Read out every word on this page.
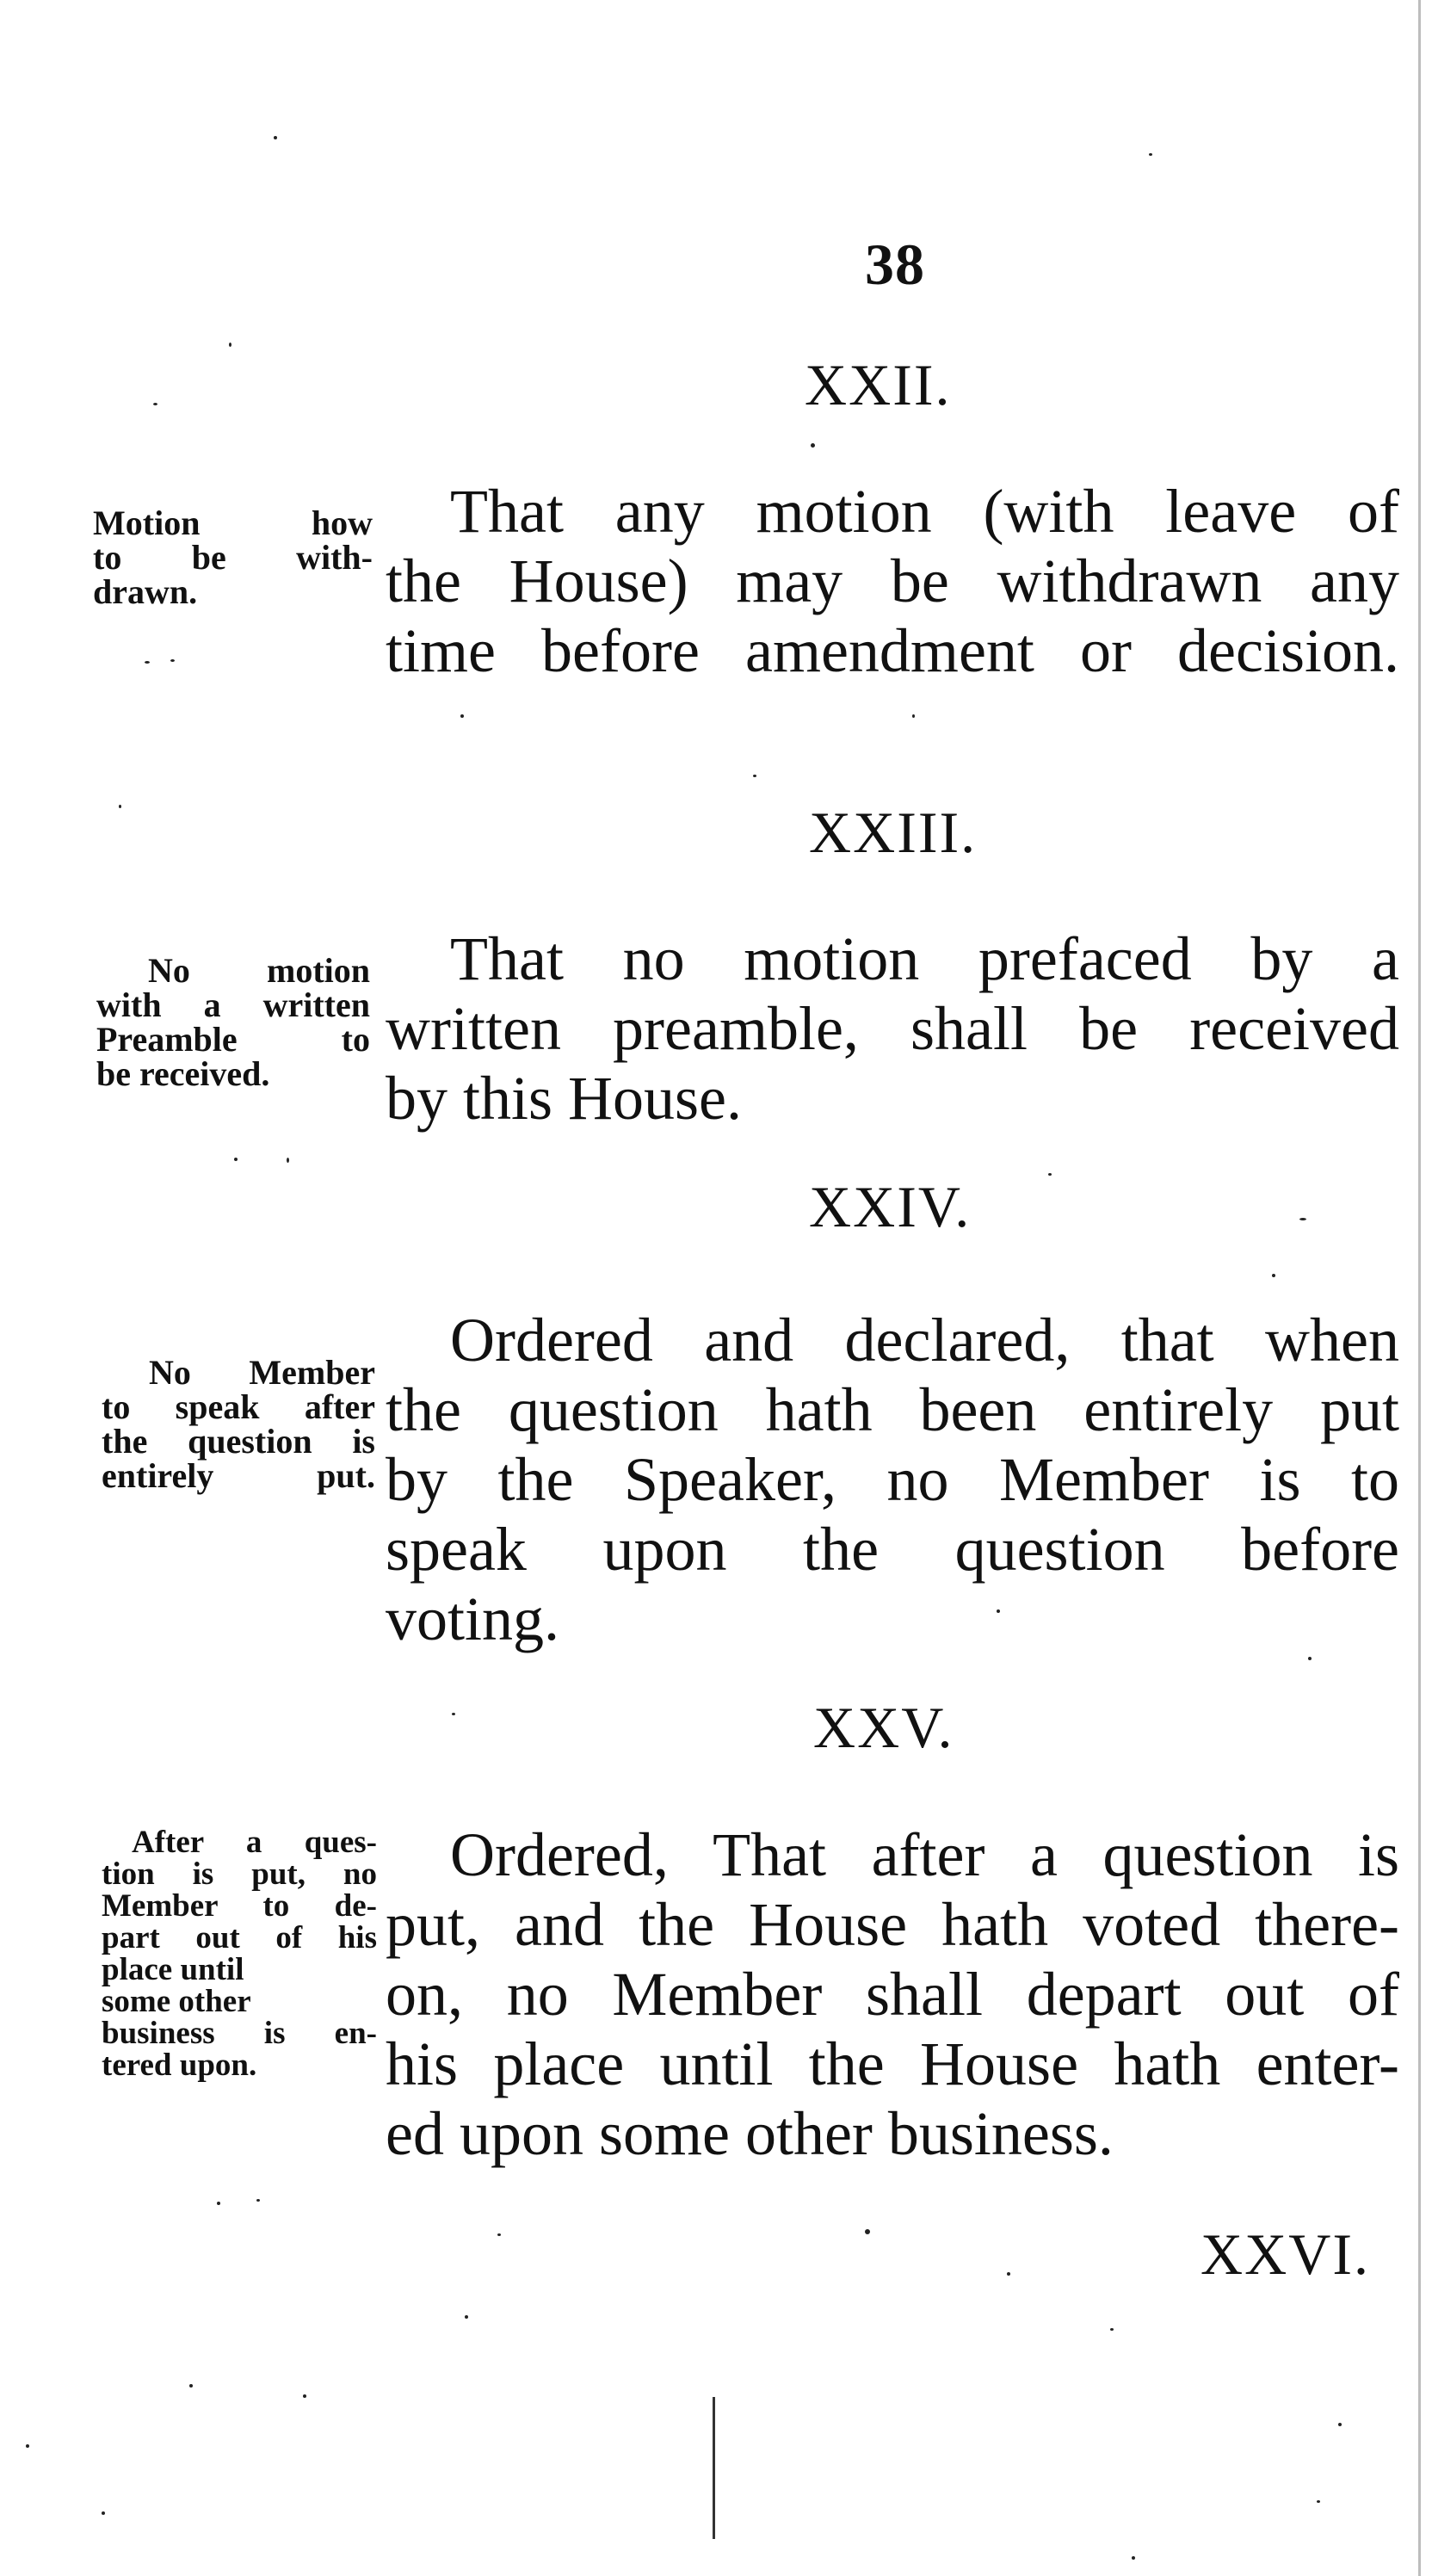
38
XXII.
Motion how
to be with-
drawn.
That any motion (with leave of
the House) may be withdrawn any
time before amendment or decision.
XXIII.
No motion
with a written
Preamble to
be received.
That no motion prefaced by a
written preamble, shall be received
by this House.
XXIV.
No Member
to speak after
the question is
entirely put.
Ordered and declared, that when
the question hath been entirely put
by the Speaker, no Member is to
speak upon the question before
voting.
XXV.
After a ques-
tion is put, no
Member to de-
part out of his
place until
some other
business is en-
tered upon.
Ordered, That after a question is
put, and the House hath voted there-
on, no Member shall depart out of
his place until the House hath enter-
ed upon some other business.
XXVI.
